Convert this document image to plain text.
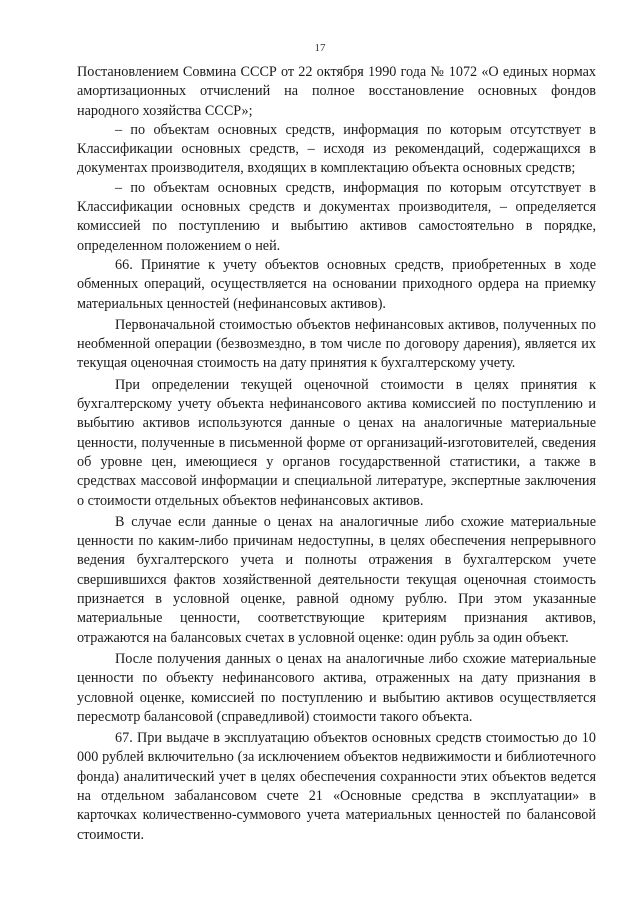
17

Постановлением Совмина СССР от 22 октября 1990 года № 1072 «О единых нормах амортизационных отчислений на полное восстановление основных фондов народного хозяйства СССР»;

– по объектам основных средств, информация по которым отсутствует в Классификации основных средств, – исходя из рекомендаций, содержащихся в документах производителя, входящих в комплектацию объекта основных средств;

– по объектам основных средств, информация по которым отсутствует в Классификации основных средств и документах производителя, – определяется комиссией по поступлению и выбытию активов самостоятельно в порядке, определенном положением о ней.

66. Принятие к учету объектов основных средств, приобретенных в ходе обменных операций, осуществляется на основании приходного ордера на приемку материальных ценностей (нефинансовых активов).

Первоначальной стоимостью объектов нефинансовых активов, полученных по необменной операции (безвозмездно, в том числе по договору дарения), является их текущая оценочная стоимость на дату принятия к бухгалтерскому учету.

При определении текущей оценочной стоимости в целях принятия к бухгалтерскому учету объекта нефинансового актива комиссией по поступлению и выбытию активов используются данные о ценах на аналогичные материальные ценности, полученные в письменной форме от организаций-изготовителей, сведения об уровне цен, имеющиеся у органов государственной статистики, а также в средствах массовой информации и специальной литературе, экспертные заключения о стоимости отдельных объектов нефинансовых активов.

В случае если данные о ценах на аналогичные либо схожие материальные ценности по каким-либо причинам недоступны, в целях обеспечения непрерывного ведения бухгалтерского учета и полноты отражения в бухгалтерском учете свершившихся фактов хозяйственной деятельности текущая оценочная стоимость признается в условной оценке, равной одному рублю. При этом указанные материальные ценности, соответствующие критериям признания активов, отражаются на балансовых счетах в условной оценке: один рубль за один объект.

После получения данных о ценах на аналогичные либо схожие материальные ценности по объекту нефинансового актива, отраженных на дату признания в условной оценке, комиссией по поступлению и выбытию активов осуществляется пересмотр балансовой (справедливой) стоимости такого объекта.

67. При выдаче в эксплуатацию объектов основных средств стоимостью до 10 000 рублей включительно (за исключением объектов недвижимости и библиотечного фонда) аналитический учет в целях обеспечения сохранности этих объектов ведется на отдельном забалансовом счете 21 «Основные средства в эксплуатации» в карточках количественно-суммового учета материальных ценностей по балансовой стоимости.
